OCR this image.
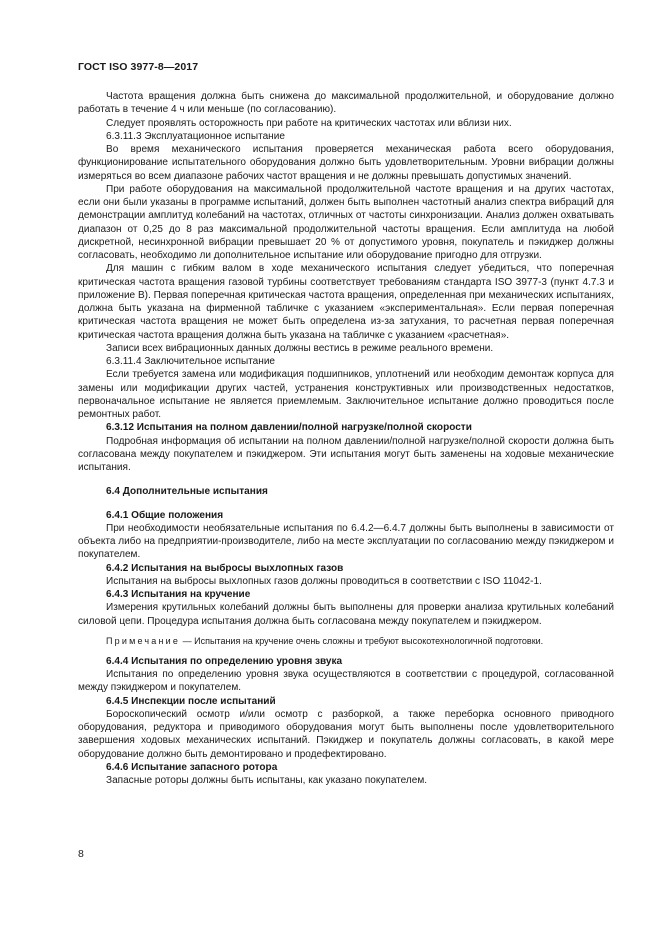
ГОСТ ISO 3977-8—2017

Частота вращения должна быть снижена до максимальной продолжительной, и оборудование должно работать в течение 4 ч или меньше (по согласованию).

Следует проявлять осторожность при работе на критических частотах или вблизи них.

6.3.11.3 Эксплуатационное испытание

Во время механического испытания проверяется механическая работа всего оборудования, функционирование испытательного оборудования должно быть удовлетворительным. Уровни вибрации должны измеряться во всем диапазоне рабочих частот вращения и не должны превышать допустимых значений.

При работе оборудования на максимальной продолжительной частоте вращения и на других частотах, если они были указаны в программе испытаний, должен быть выполнен частотный анализ спектра вибраций для демонстрации амплитуд колебаний на частотах, отличных от частоты синхронизации. Анализ должен охватывать диапазон от 0,25 до 8 раз максимальной продолжительной частоты вращения. Если амплитуда на любой дискретной, несинхронной вибрации превышает 20 % от допустимого уровня, покупатель и пэкиджер должны согласовать, необходимо ли дополнительное испытание или оборудование пригодно для отгрузки.

Для машин с гибким валом в ходе механического испытания следует убедиться, что поперечная критическая частота вращения газовой турбины соответствует требованиям стандарта ISO 3977-3 (пункт 4.7.3 и приложение В). Первая поперечная критическая частота вращения, определенная при механических испытаниях, должна быть указана на фирменной табличке с указанием «экспериментальная». Если первая поперечная критическая частота вращения не может быть определена из-за затухания, то расчетная первая поперечная критическая частота вращения должна быть указана на табличке с указанием «расчетная».

Записи всех вибрационных данных должны вестись в режиме реального времени.

6.3.11.4 Заключительное испытание

Если требуется замена или модификация подшипников, уплотнений или необходим демонтаж корпуса для замены или модификации других частей, устранения конструктивных или производственных недостатков, первоначальное испытание не является приемлемым. Заключительное испытание должно проводиться после ремонтных работ.

6.3.12 Испытания на полном давлении/полной нагрузке/полной скорости

Подробная информация об испытании на полном давлении/полной нагрузке/полной скорости должна быть согласована между покупателем и пэкиджером. Эти испытания могут быть заменены на ходовые механические испытания.

6.4 Дополнительные испытания

6.4.1 Общие положения

При необходимости необязательные испытания по 6.4.2—6.4.7 должны быть выполнены в зависимости от объекта либо на предприятии-производителе, либо на месте эксплуатации по согласованию между пэкиджером и покупателем.

6.4.2 Испытания на выбросы выхлопных газов

Испытания на выбросы выхлопных газов должны проводиться в соответствии с ISO 11042-1.

6.4.3 Испытания на кручение

Измерения крутильных колебаний должны быть выполнены для проверки анализа крутильных колебаний силовой цепи. Процедура испытания должна быть согласована между покупателем и пэкиджером.

Примечание — Испытания на кручение очень сложны и требуют высокотехнологичной подготовки.

6.4.4 Испытания по определению уровня звука

Испытания по определению уровня звука осуществляются в соответствии с процедурой, согласованной между пэкиджером и покупателем.

6.4.5 Инспекции после испытаний

Бороскопический осмотр и/или осмотр с разборкой, а также переборка основного приводного оборудования, редуктора и приводимого оборудования могут быть выполнены после удовлетворительного завершения ходовых механических испытаний. Пэкиджер и покупатель должны согласовать, в какой мере оборудование должно быть демонтировано и продефектировано.

6.4.6 Испытание запасного ротора

Запасные роторы должны быть испытаны, как указано покупателем.

8
